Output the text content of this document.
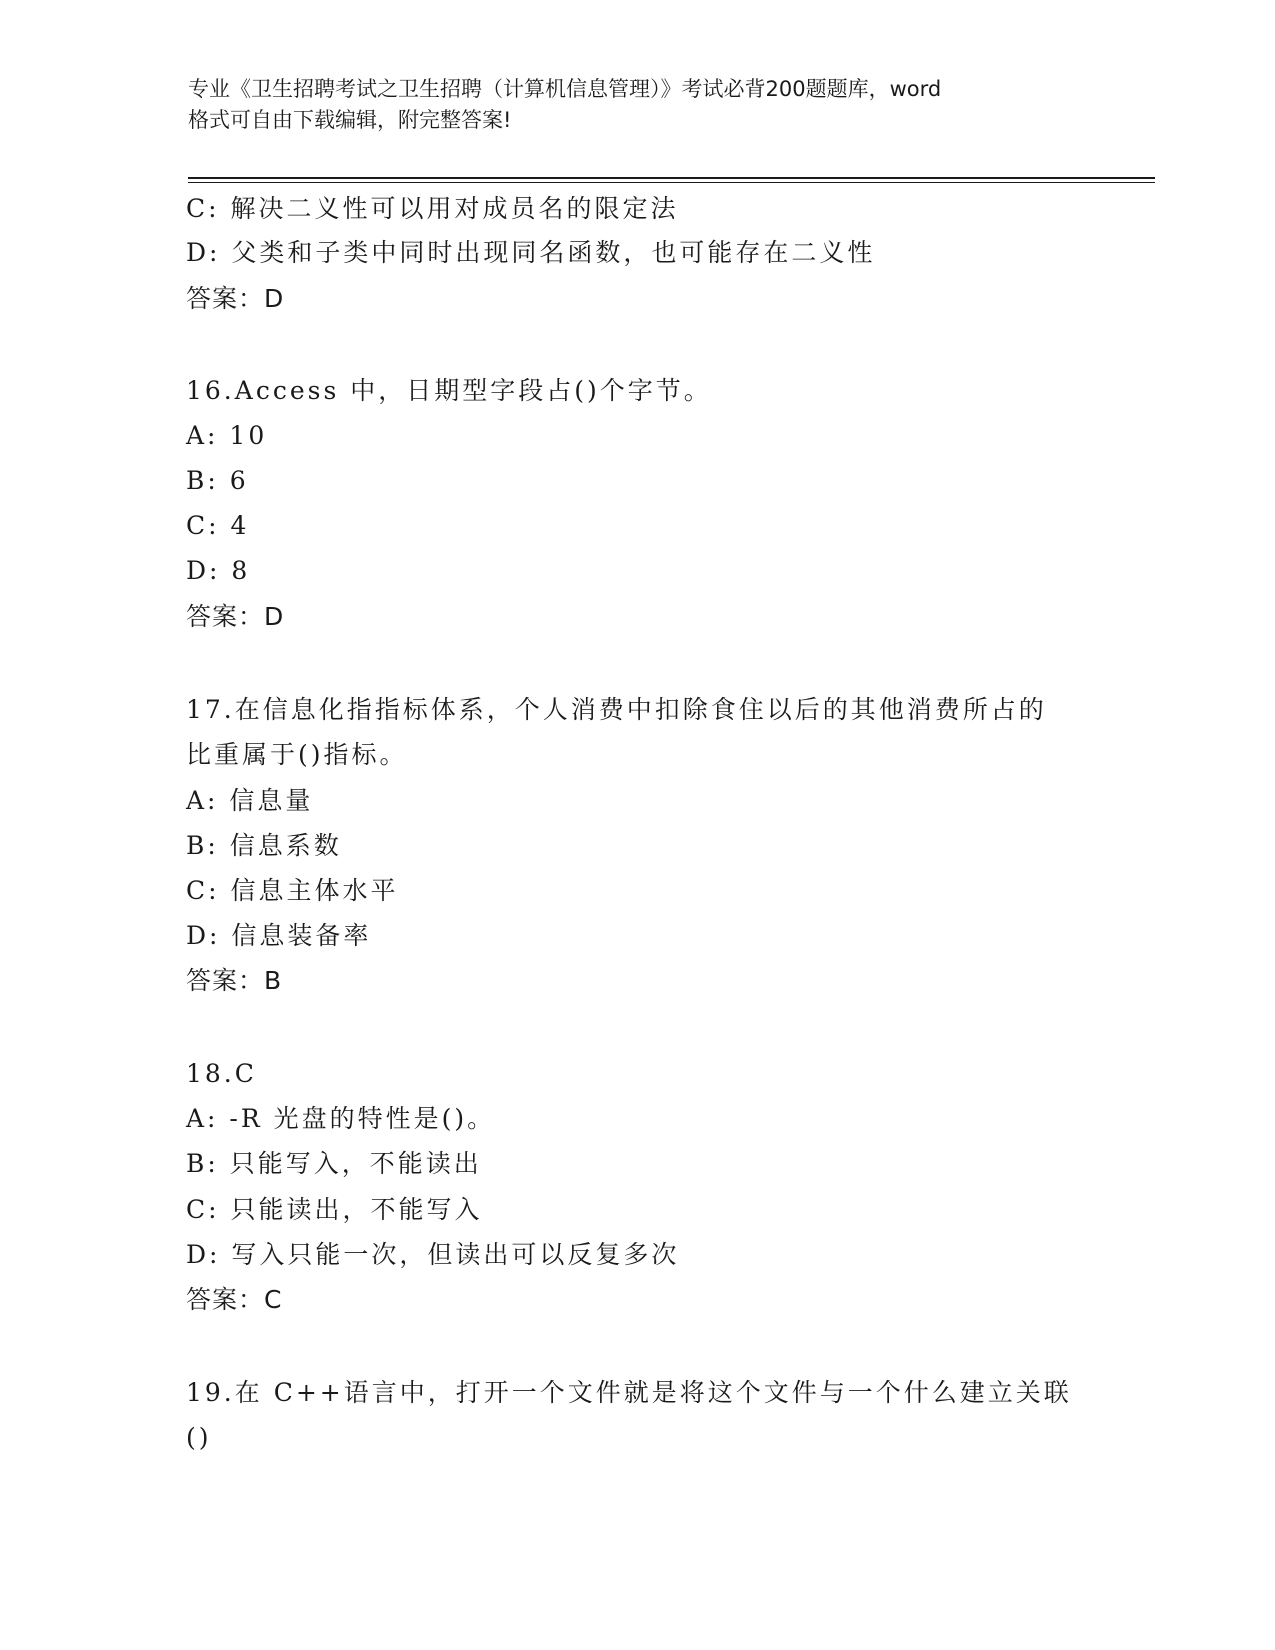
专业《卫生招聘考试之卫生招聘（计算机信息管理）》考试必背200题题库，word
格式可自由下载编辑，附完整答案!
C: 解决二义性可以用对成员名的限定法
D: 父类和子类中同时出现同名函数，也可能存在二义性
答案：D
16.Access 中，日期型字段占()个字节。
A: 10
B: 6
C: 4
D: 8
答案：D
17.在信息化指指标体系，个人消费中扣除食住以后的其他消费所占的
比重属于()指标。
A: 信息量
B: 信息系数
C: 信息主体水平
D: 信息装备率
答案：B
18.C
A: -R 光盘的特性是()。
B: 只能写入，不能读出
C: 只能读出，不能写入
D: 写入只能一次，但读出可以反复多次
答案：C
19.在 C++语言中，打开一个文件就是将这个文件与一个什么建立关联
()
